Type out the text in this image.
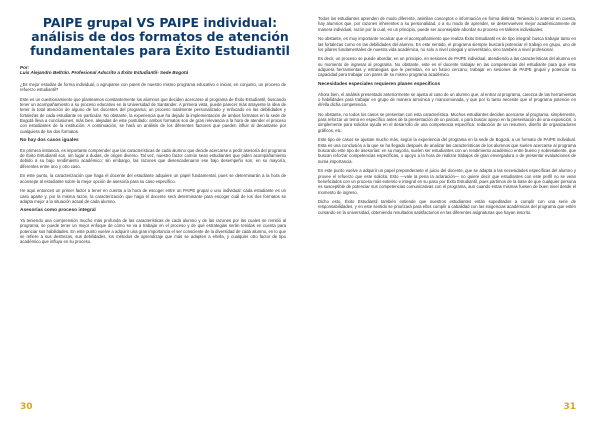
PAIPE grupal VS PAIPE individual: análisis de dos formatos de atención fundamentales para Éxito Estudiantil
Por:
Luis Alejandro Beltrán. Profesional Adscrito a Éxito Estudiantil- Sede Bogotá

¿Es mejor estudiar de forma individual, o agruparse con pares de nuestro mismo programa educativo e iniciar, en conjunto, un proceso de refuerzo estudiantil?

Este es un cuestionamiento que planteamos constantemente los alumnos que deciden acercarse al programa de Éxito Estudiantil, buscando tener un acompañamiento a su proceso educativo en la Universidad de Santander. A primera vista, puede parecer más atrayente la idea de tener la total atención de alguno de los docentes del programa; un proceso totalmente personalizado y enfocado en las debilidades y fortalezas de cada estudiante en particular. No obstante, la experiencia que ha dejado la implementación de ambos formatos en la sede de Bogotá lleva a conclusiones, más bien, alejadas de este postulado: ambos formatos son de gran relevancia a la hora de atender el proceso con estudiantes de la institución. A continuación, se hará un análisis de los diferentes factores que pueden influir al decantarse por cualquiera de los dos formatos.

No hay dos casos iguales

En primera instancia, es importante comprender que las características de cada alumno que decide acercarse a pedir asesoría del programa de Éxito Estudiantil son, sin lugar a dudas, de origen diverso. Tal vez, nuestro factor común sean estudiantes que piden acompañamiento debido a su bajo rendimiento académico; sin embargo, las razones que desencadenaron ese bajo desempeño son, en su mayoría, diferentes entre uno y otro caso.

En este punto, la caracterización que haga el docente del estudiante adquiere un papel fundamental, pues se determinarán a la hora de aconsejar al estudiante sobre la mejor opción de asesoría para su caso específico.

He aquí entonces un primer factor a tener en cuenta a la hora de escoger entre un PAIPE grupal o uno individual: cada estudiante es un caso aparte y, por la misma razón, la caracterización que haga el docente será determinante para escoger cuál de los dos formatos se adapta mejor a la situación actual de cada alumno.

Asesorías como proceso integral

Ya teniendo una comprensión mucho más profunda de las características de cada alumno y de las razones por las cuales se remitió al programa, se puede tener un mejor enfoque de cómo se va a trabajar en el proceso y de qué estrategias serán tenidas en cuenta para potenciar sus habilidades. En este punto vuelve a adquirir una gran importancia el ser consciente de la diversidad de cada alumno, en lo que se refiere a sus destrezas, sus debilidades, los métodos de aprendizaje que más se adapten a el/ella, y cualquier otro factor de tipo académico que influya en su proceso.

30

Todos los estudiantes aprenden de modo diferente, asimilan conceptos e información en forma distinta. Teniendo lo anterior en cuenta, hay alumnos que, por razones inherentes a su personalidad, o a su modo de aprender, se desenvuelven mejor académicamente de manera individual, razón por la cual, en un principio, puede ser aconsejable abordar su proceso en talleres individuales.

No obstante, es muy importante recalcar que el acompañamiento que realiza Éxito Estudiantil es de tipo integral: busca trabajar tanto en las fortalezas como en las debilidades del alumno. En este sentido, el programa siempre buscará potenciar el trabajo en grupo, uno de los pilares fundamentales de nuestra vida académica, no solo a nivel colegial y universitario, sino también a nivel profesional.

Es decir, un proceso se puede abordar, en un principio, en sesiones de PAIPE individual, atendiendo a las características del alumno en su momento de ingresar al programa. No obstante, este es el docente trabajar en las competencias del estudiante para que este adquiera herramientas y estrategias que le permitan, en un futuro cercano, trabajar en sesiones de PAIPE grupal y potenciar su capacidad para trabajar con pares de su mismo programa académico.

Necesidades especiales requieren planes específicos

Ahora bien, el análisis presentado anteriormente se ajusta al caso de un alumno que, al entrar al programa, carezca de las herramientas o habilidades para trabajar en grupo de manera armónica y mancomunada, y que por lo tanto necesite que el programa potencie en él/ella dicha competencia.

No obstante, no todos los casos se presentan con esta característica. Muchos estudiantes deciden acercarse al programa, simplemente, para reforzar un tema en específico antes de la presentación de un parcial, o para buscar apoyo en la presentación de una exposición, o simplemente para solicitar ayuda en el desarrollo de una competencia específica: redacción de un resumen, diseño de organizadores gráficos, etc.

Este tipo de casos se ajustan mucho más, según la experiencia del programa en la sede de Bogotá, a un formato de PAIPE individual. Esta es una conclusión a la que se ha llegado después de analizar las características de los alumnos que suelen acercarse al programa buscando este tipo de asesorías: en su mayoría, suelen ser estudiantes con un rendimiento académico entre bueno y sobresaliente, que buscan reforzar competencias específicas, o apoyo a la hora de realizar trabajos de gran envergadura o de presentar evaluaciones de suma importancia.

En este punto vuelve a adquirir un papel preponderante el juicio del docente, que se adapta a las necesidades específicas del alumno y provee el refuerzo que este solicita. Esto —vale la pena la aclaración— no quiere decir que estudiantes con este perfil no se vean beneficiados con un proceso más extenso e integral en su paso por Éxito Estudiantil, pues partimos de la base de que cualquier persona es susceptible de potenciar sus competencias comunicativas con el programa, aun cuando estas mismas fuesen de buen nivel desde el momento de ingreso.

Dicho esto, Éxito Estudiantil también entiende que nuestros estudiantes están supeditados a cumplir con una serie de responsabilidades, y en este sentido se priorizará para ellos cumplir a cabalidad con las exigencias académicas del programa que estén cursando en la universidad, obteniendo resultados satisfactorios en las diferentes asignaturas que hayan inscrito.

31
